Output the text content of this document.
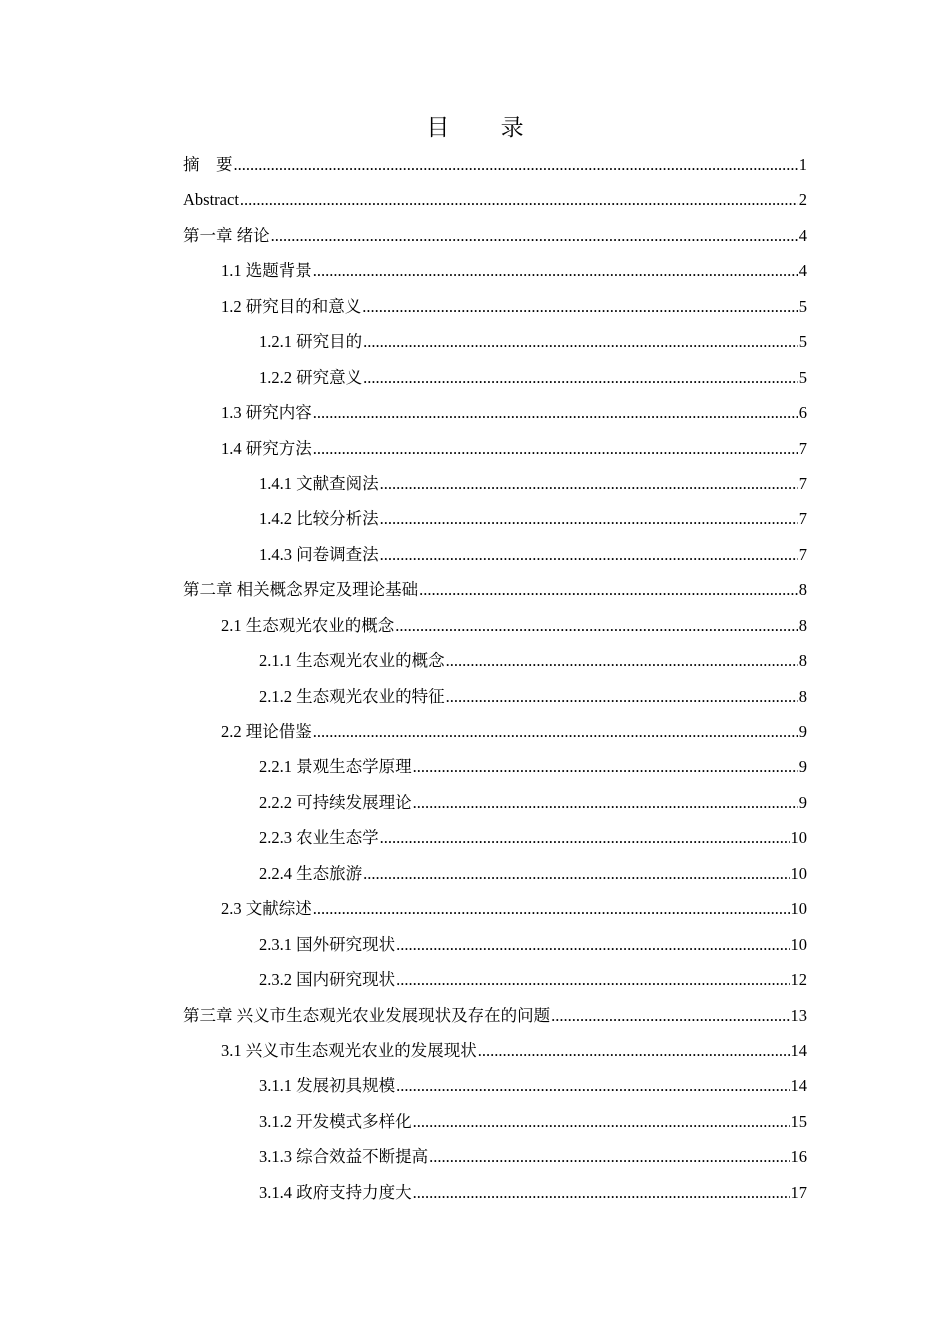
目 录
摘　要 .....	1
Abstract .....	2
第一章 绪论 .....	4
1.1 选题背景 .....	4
1.2 研究目的和意义 .....	5
1.2.1 研究目的 .....	5
1.2.2 研究意义 .....	5
1.3 研究内容 .....	6
1.4 研究方法 .....	7
1.4.1 文献查阅法 .....	7
1.4.2 比较分析法 .....	7
1.4.3 问卷调查法 .....	7
第二章 相关概念界定及理论基础 .....	8
2.1 生态观光农业的概念 .....	8
2.1.1 生态观光农业的概念 .....	8
2.1.2 生态观光农业的特征 .....	8
2.2 理论借鉴 .....	9
2.2.1 景观生态学原理 .....	9
2.2.2 可持续发展理论 .....	9
2.2.3 农业生态学 .....	10
2.2.4 生态旅游 .....	10
2.3 文献综述 .....	10
2.3.1 国外研究现状 .....	10
2.3.2 国内研究现状 .....	12
第三章 兴义市生态观光农业发展现状及存在的问题 .....	13
3.1 兴义市生态观光农业的发展现状 .....	14
3.1.1 发展初具规模 .....	14
3.1.2 开发模式多样化 .....	15
3.1.3 综合效益不断提高 .....	16
3.1.4 政府支持力度大 .....	17
